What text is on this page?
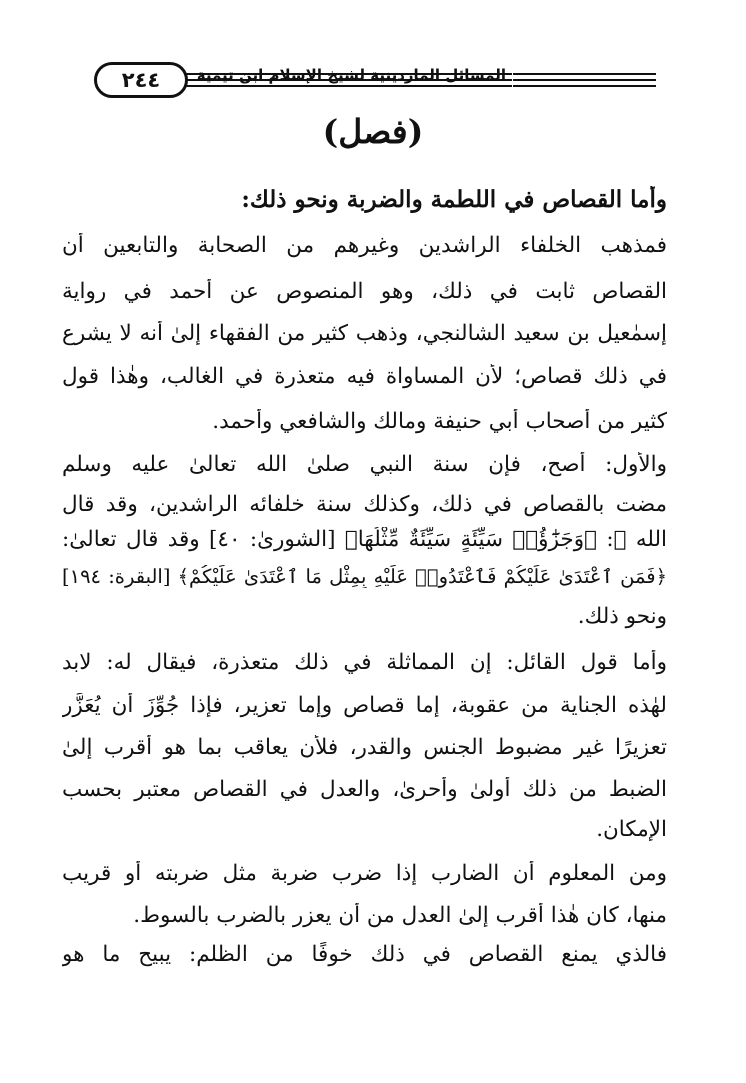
المسائل الماردينية لشيخ الإسلام ابن تيمية
٢٤٤
(فصل)
وأما القصاص في اللطمة والضربة ونحو ذلك:
فمذهب الخلفاء الراشدين وغيرهم من الصحابة والتابعين أن
القصاص ثابت في ذلك، وهو المنصوص عن أحمد في رواية
إسمٰعيل بن سعيد الشالنجي، وذهب كثير من الفقهاء إلىٰ أنه لا يشرع
في ذلك قصاص؛ لأن المساواة فيه متعذرة في الغالب، وهٰذا قول
كثير من أصحاب أبي حنيفة ومالك والشافعي وأحمد.
والأول: أصح، فإن سنة النبي صلىٰ الله تعالىٰ عليه وسلم
مضت بالقصاص في ذلك، وكذلك سنة خلفائه الراشدين، وقد قال
الله ﷻ: ﴿وَجَزَٰٓؤُا۟ سَيِّئَةٍ سَيِّئَةٌ مِّثْلُهَا﴾ [الشورىٰ: ٤٠] وقد قال تعالىٰ:
﴿فَمَنِ ٱعْتَدَىٰ عَلَيْكُمْ فَٱعْتَدُوا۟ عَلَيْهِ بِمِثْلِ مَا ٱعْتَدَىٰ عَلَيْكُمْ﴾ [البقرة: ١٩٤]
ونحو ذلك.
وأما قول القائل: إن المماثلة في ذلك متعذرة، فيقال له: لابد
لهٰذه الجناية من عقوبة، إما قصاص وإما تعزير، فإذا جُوِّزَ أن يُعَزَّر
تعزيرًا غير مضبوط الجنس والقدر، فلأن يعاقب بما هو أقرب إلىٰ
الضبط من ذلك أولىٰ وأحرىٰ، والعدل في القصاص معتبر بحسب
الإمكان.
ومن المعلوم أن الضارب إذا ضرب ضربة مثل ضربته أو قريب
منها، كان هٰذا أقرب إلىٰ العدل من أن يعزر بالضرب بالسوط.
فالذي يمنع القصاص في ذلك خوفًا من الظلم: يبيح ما هو
